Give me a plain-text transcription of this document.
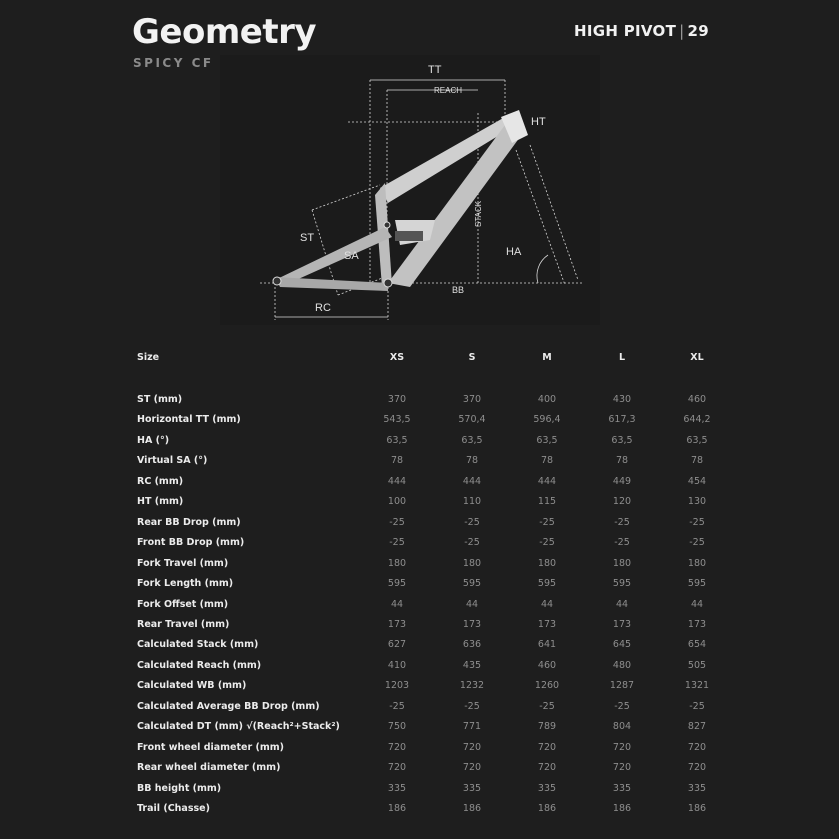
Geometry
SPICY CF
HIGH PIVOT | 29
TT
REACH
HT
ST
SA
STACK
HA
RC
BB
Size	XS	S	M	L	XL
ST (mm)	370	370	400	430	460
Horizontal TT (mm)	543,5	570,4	596,4	617,3	644,2
HA (°)	63,5	63,5	63,5	63,5	63,5
Virtual SA (°)	78	78	78	78	78
RC (mm)	444	444	444	449	454
HT (mm)	100	110	115	120	130
Rear BB Drop (mm)	-25	-25	-25	-25	-25
Front BB Drop (mm)	-25	-25	-25	-25	-25
Fork Travel (mm)	180	180	180	180	180
Fork Length (mm)	595	595	595	595	595
Fork Offset (mm)	44	44	44	44	44
Rear Travel (mm)	173	173	173	173	173
Calculated Stack (mm)	627	636	641	645	654
Calculated Reach (mm)	410	435	460	480	505
Calculated WB (mm)	1203	1232	1260	1287	1321
Calculated Average BB Drop (mm)	-25	-25	-25	-25	-25
Calculated DT (mm) √(Reach²+Stack²)	750	771	789	804	827
Front wheel diameter (mm)	720	720	720	720	720
Rear wheel diameter (mm)	720	720	720	720	720
BB height (mm)	335	335	335	335	335
Trail (Chasse)	186	186	186	186	186
